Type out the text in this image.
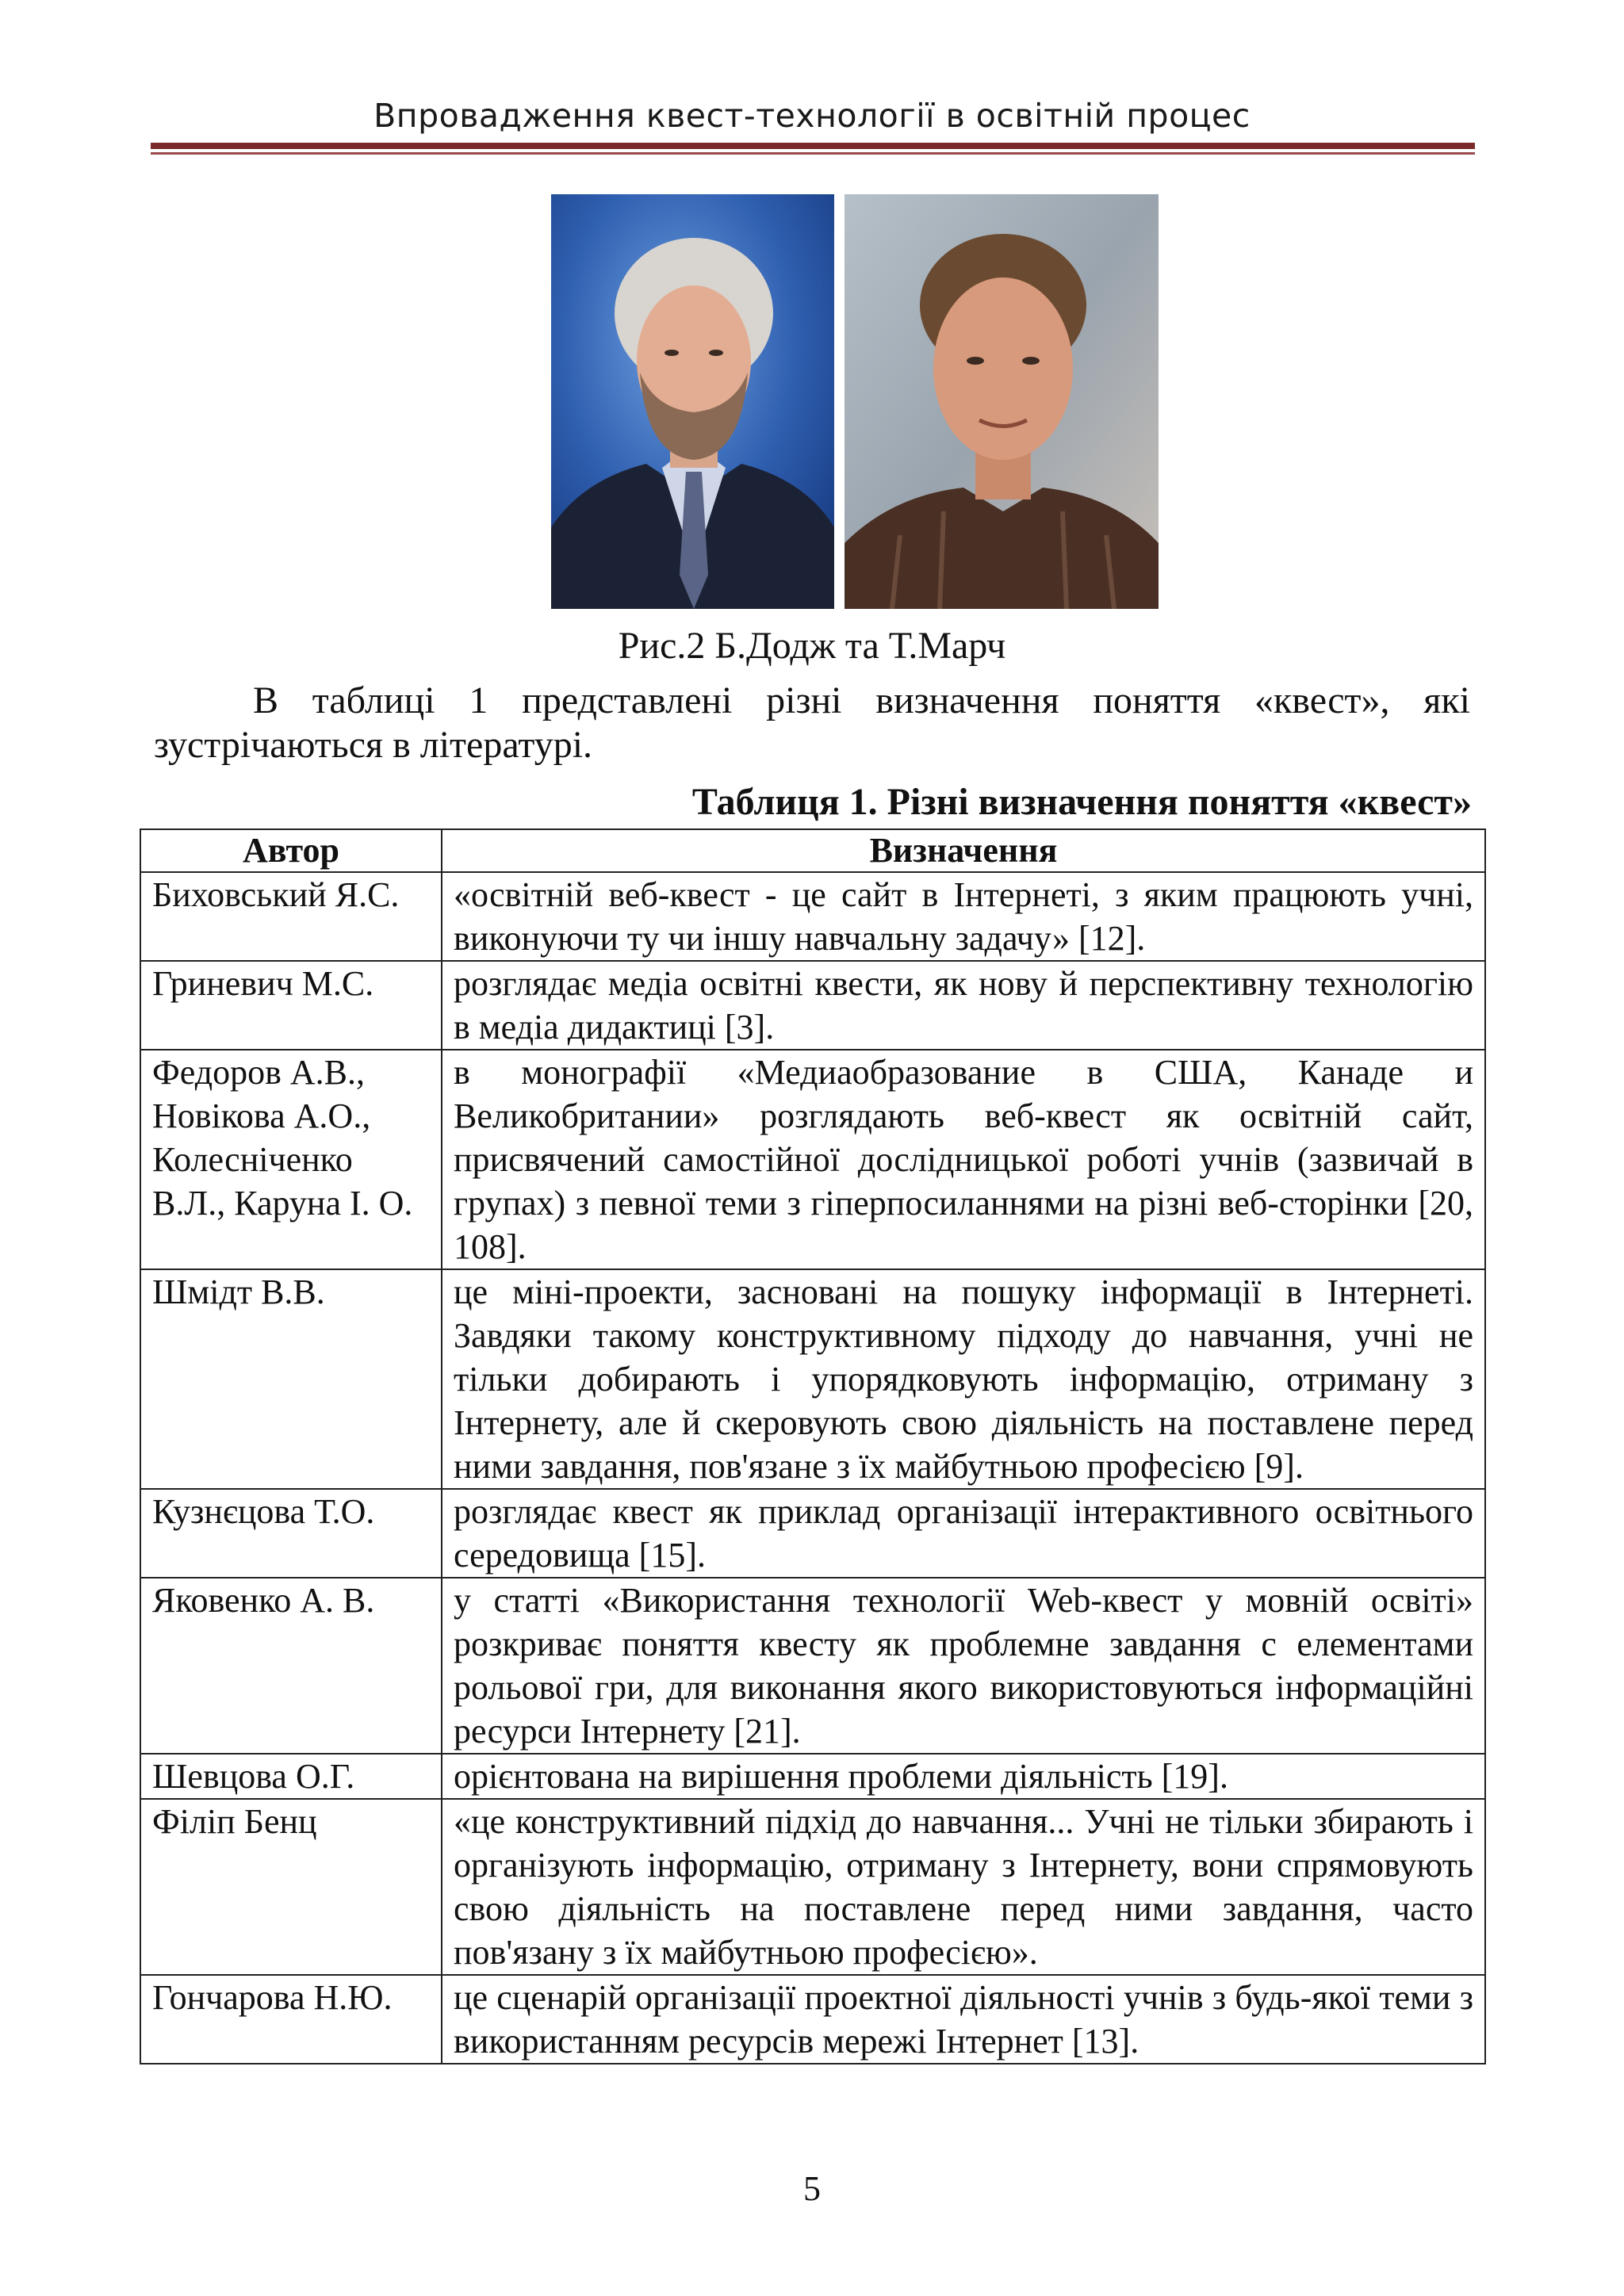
Впровадження квест-технології в освітній процес
Рис.2 Б.Додж та Т.Марч
В таблиці 1 представлені різні визначення поняття «квест», які зустрічаються в літературі.
Таблиця 1. Різні визначення поняття «квест»
Автор	Визначення
Биховський Я.С.	«освітній веб-квест - це сайт в Інтернеті, з яким працюють учні, виконуючи ту чи іншу навчальну задачу» [12].
Гриневич М.С.	розглядає медіа освітні квести, як нову й перспективну технологію в медіа дидактиці [3].
Федоров А.В., Новікова А.О., Колесніченко В.Л., Каруна І. О.	в монографії «Медиаобразование в США, Канаде и Великобритании» розглядають веб-квест як освітній сайт, присвячений самостійної дослідницької роботі учнів (зазвичай в групах) з певної теми з гіперпосиланнями на різні веб-сторінки [20, 108].
Шмідт В.В.	це міні-проекти, засновані на пошуку інформації в Інтернеті. Завдяки такому конструктивному підходу до навчання, учні не тільки добирають і упорядковують інформацію, отриману з Інтернету, але й скеровують свою діяльність на поставлене перед ними завдання, пов'язане з їх майбутньою професією [9].
Кузнєцова Т.О.	розглядає квест як приклад організації інтерактивного освітнього середовища [15].
Яковенко А. В.	у статті «Використання технології Web-квест у мовній освіті» розкриває поняття квесту як проблемне завдання с елементами рольової гри, для виконання якого використовуються інформаційні ресурси Інтернету [21].
Шевцова О.Г.	орієнтована на вирішення проблеми діяльність [19].
Філіп Бенц	«це конструктивний підхід до навчання... Учні не тільки збирають і організують інформацію, отриману з Інтернету, вони спрямовують свою діяльність на поставлене перед ними завдання, часто пов'язану з їх майбутньою професією».
Гончарова Н.Ю.	це сценарій організації проектної діяльності учнів з будь-якої теми з використанням ресурсів мережі Інтернет [13].
5
